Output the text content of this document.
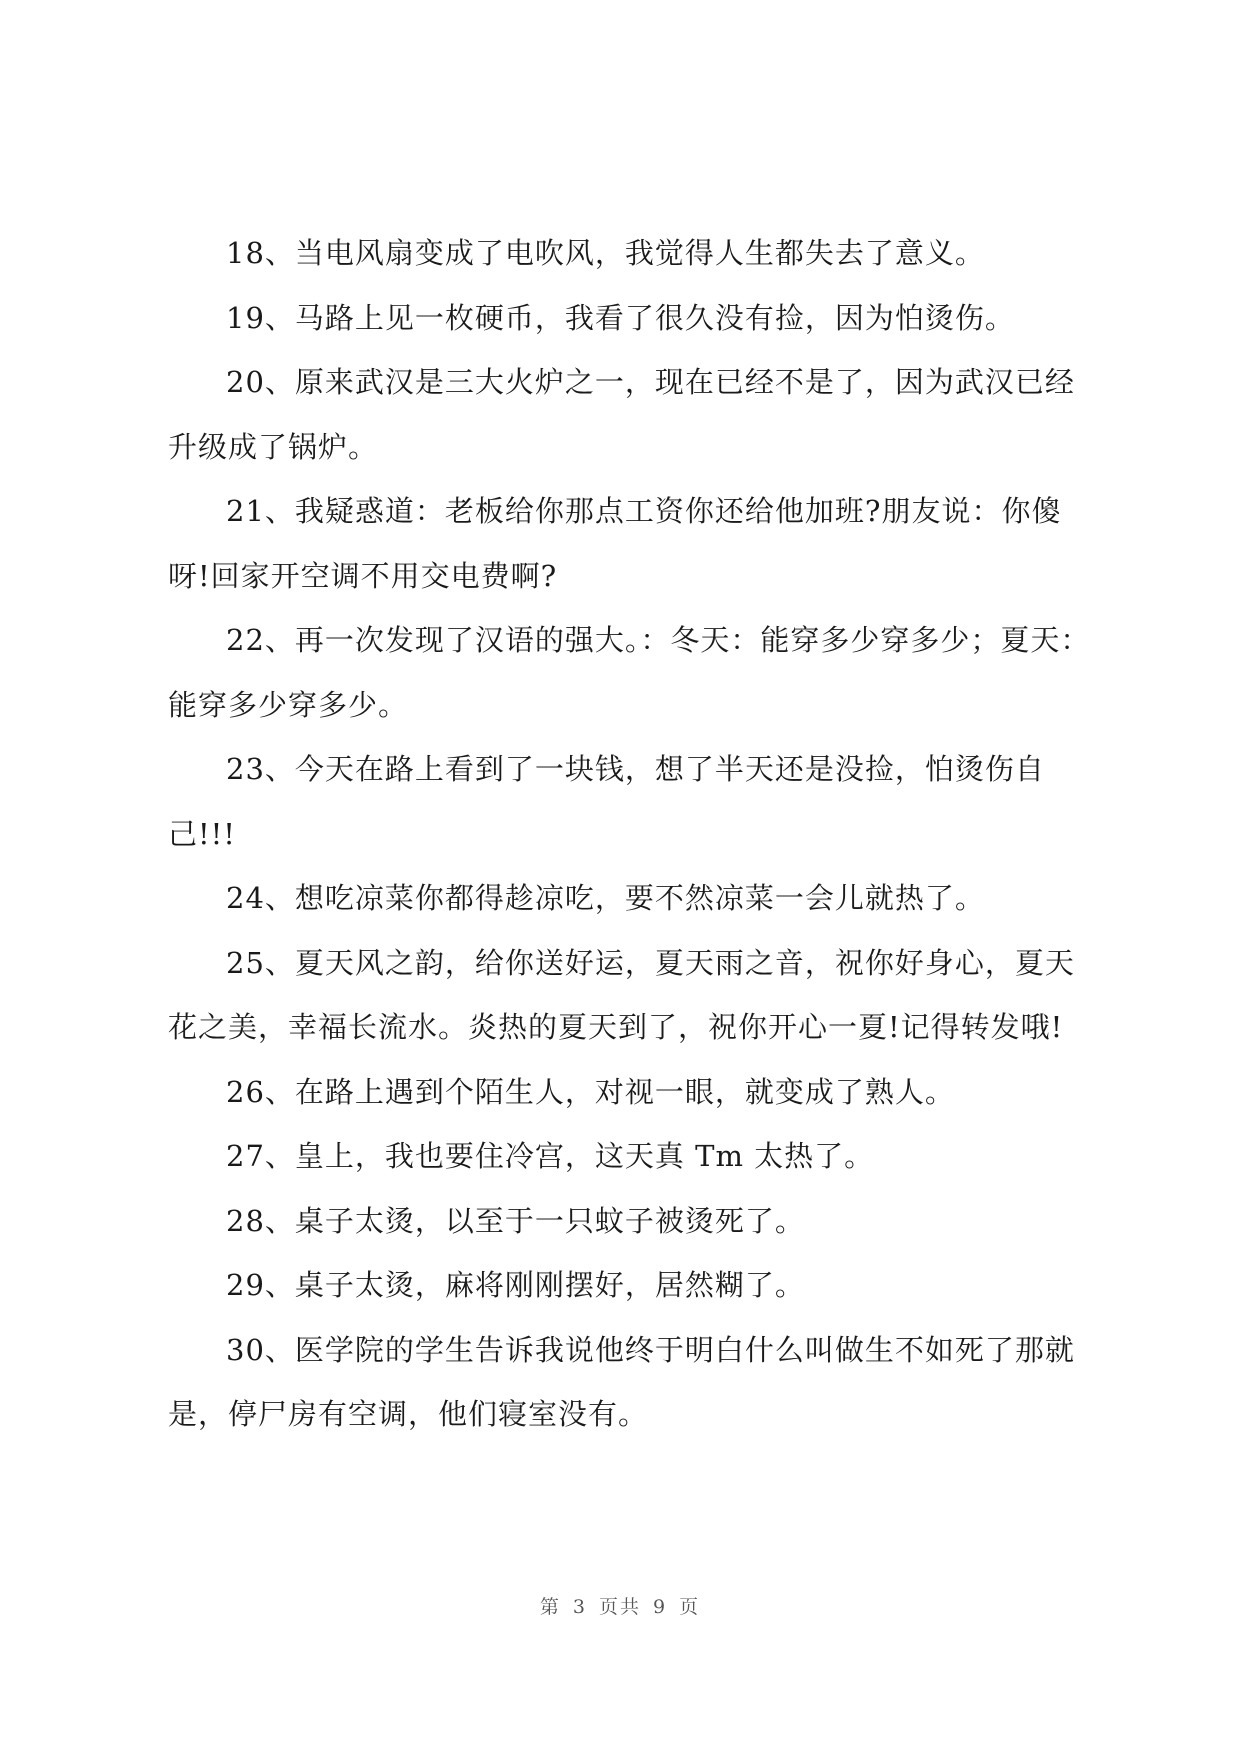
18、当电风扇变成了电吹风，我觉得人生都失去了意义。

19、马路上见一枚硬币，我看了很久没有捡，因为怕烫伤。

20、原来武汉是三大火炉之一，现在已经不是了，因为武汉已经升级成了锅炉。

21、我疑惑道：老板给你那点工资你还给他加班?朋友说：你傻呀!回家开空调不用交电费啊?

22、再一次发现了汉语的强大。：冬天：能穿多少穿多少；夏天：能穿多少穿多少。

23、今天在路上看到了一块钱，想了半天还是没捡，怕烫伤自己!!!

24、想吃凉菜你都得趁凉吃，要不然凉菜一会儿就热了。

25、夏天风之韵，给你送好运，夏天雨之音，祝你好身心，夏天花之美，幸福长流水。炎热的夏天到了，祝你开心一夏!记得转发哦!

26、在路上遇到个陌生人，对视一眼，就变成了熟人。

27、皇上，我也要住冷宫，这天真 Tm 太热了。

28、桌子太烫，以至于一只蚊子被烫死了。

29、桌子太烫，麻将刚刚摆好，居然糊了。

30、医学院的学生告诉我说他终于明白什么叫做生不如死了那就是，停尸房有空调，他们寝室没有。

第 3 页共 9 页
